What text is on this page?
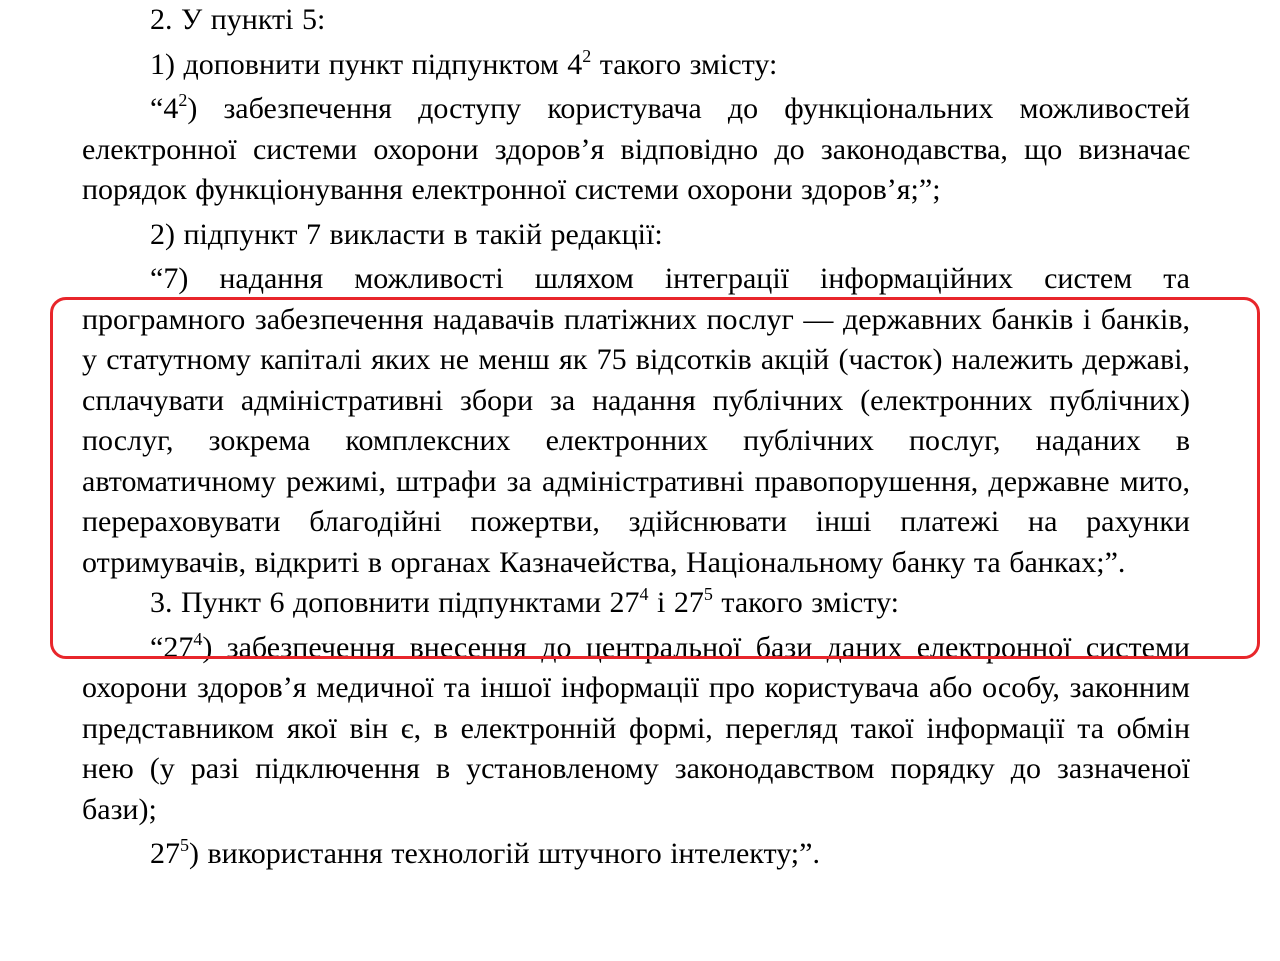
2. У пункті 5:

1) доповнити пункт підпунктом $4^2$ такого змісту:

“$4^2$) забезпечення доступу користувача до функціональних можливостей електронної системи охорони здоров’я відповідно до законодавства, що визначає порядок функціонування електронної системи охорони здоров’я;”;

2) підпункт 7 викласти в такій редакції:

“7) надання можливості шляхом інтеграції інформаційних систем та програмного забезпечення надавачів платіжних послуг — державних банків і банків, у статутному капіталі яких не менш як 75 відсотків акцій (часток) належить державі, сплачувати адміністративні збори за надання публічних (електронних публічних) послуг, зокрема комплексних електронних публічних послуг, наданих в автоматичному режимі, штрафи за адміністративні правопорушення, державне мито, перераховувати благодійні пожертви, здійснювати інші платежі на рахунки отримувачів, відкриті в органах Казначейства, Національному банку та банках;”.

3. Пункт 6 доповнити підпунктами $27^4$ і $27^5$ такого змісту:

“$27^4$) забезпечення внесення до центральної бази даних електронної системи охорони здоров’я медичної та іншої інформації про користувача або особу, законним представником якої він є, в електронній формі, перегляд такої інформації та обмін нею (у разі підключення в установленому законодавством порядку до зазначеної бази);

$27^5$) використання технологій штучного інтелекту;”.
